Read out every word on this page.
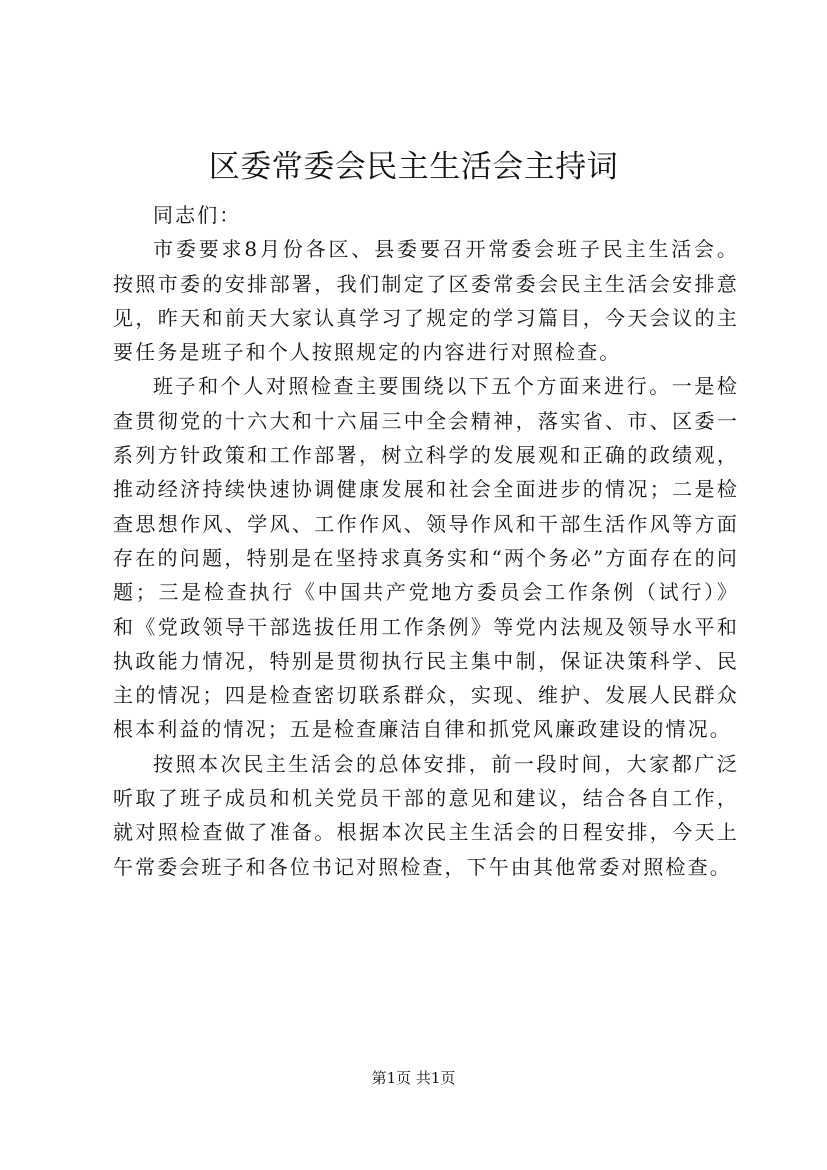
区委常委会民主生活会主持词

同志们：

市委要求8月份各区、县委要召开常委会班子民主生活会。按照市委的安排部署，我们制定了区委常委会民主生活会安排意见，昨天和前天大家认真学习了规定的学习篇目，今天会议的主要任务是班子和个人按照规定的内容进行对照检查。

班子和个人对照检查主要围绕以下五个方面来进行。一是检查贯彻党的十六大和十六届三中全会精神，落实省、市、区委一系列方针政策和工作部署，树立科学的发展观和正确的政绩观，推动经济持续快速协调健康发展和社会全面进步的情况；二是检查思想作风、学风、工作作风、领导作风和干部生活作风等方面存在的问题，特别是在坚持求真务实和“两个务必”方面存在的问题；三是检查执行《中国共产党地方委员会工作条例（试行）》和《党政领导干部选拔任用工作条例》等党内法规及领导水平和执政能力情况，特别是贯彻执行民主集中制，保证决策科学、民主的情况；四是检查密切联系群众，实现、维护、发展人民群众根本利益的情况；五是检查廉洁自律和抓党风廉政建设的情况。

按照本次民主生活会的总体安排，前一段时间，大家都广泛听取了班子成员和机关党员干部的意见和建议，结合各自工作，就对照检查做了准备。根据本次民主生活会的日程安排，今天上午常委会班子和各位书记对照检查，下午由其他常委对照检查。

第1页 共1页
